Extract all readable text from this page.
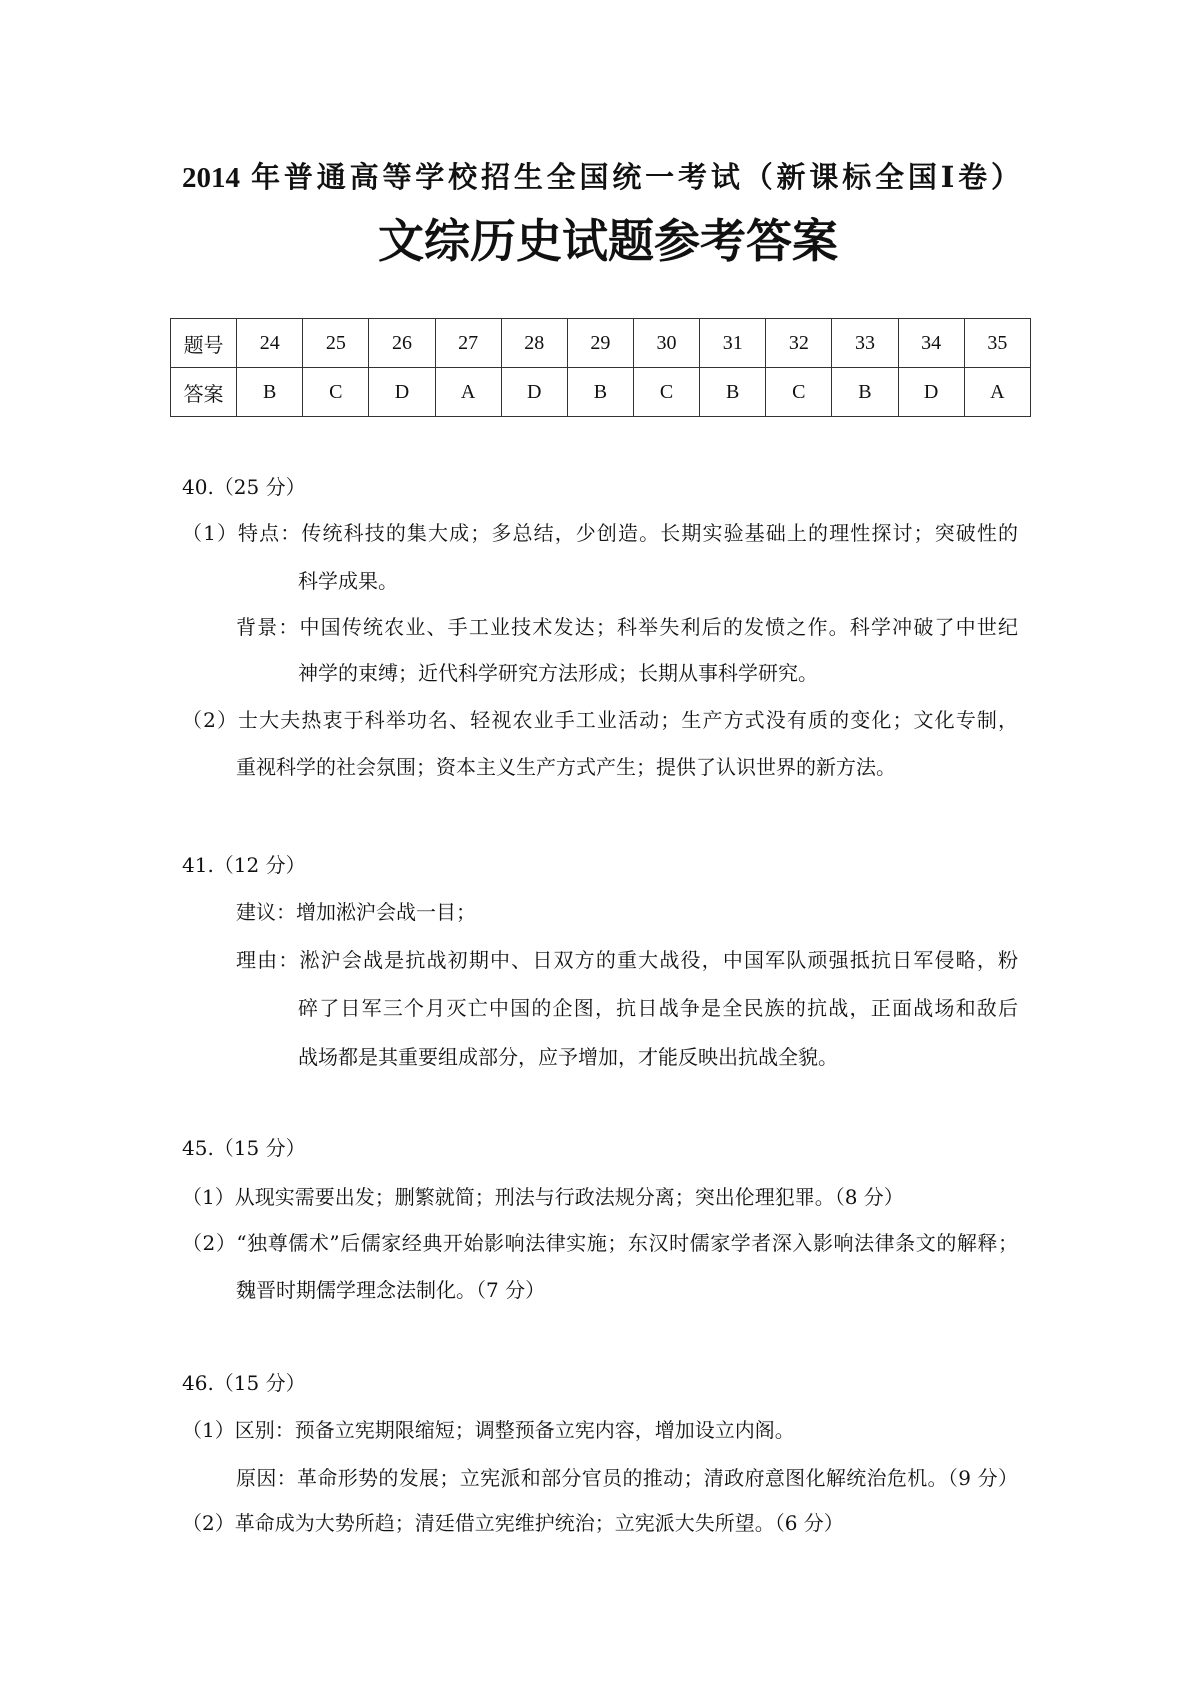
2014 年普通高等学校招生全国统一考试（新课标全国Ⅰ卷）
文综历史试题参考答案
题号	24	25	26	27	28	29	30	31	32	33	34	35
答案	B	C	D	A	D	B	C	B	C	B	D	A
40.（25 分）
（1）特点：传统科技的集大成；多总结，少创造。长期实验基础上的理性探讨；突破性的
科学成果。
背景：中国传统农业、手工业技术发达；科举失利后的发愤之作。科学冲破了中世纪
神学的束缚；近代科学研究方法形成；长期从事科学研究。
（2）士大夫热衷于科举功名、轻视农业手工业活动；生产方式没有质的变化；文化专制，
重视科学的社会氛围；资本主义生产方式产生；提供了认识世界的新方法。
41.（12 分）
建议：增加淞沪会战一目；
理由：淞沪会战是抗战初期中、日双方的重大战役，中国军队顽强抵抗日军侵略，粉
碎了日军三个月灭亡中国的企图，抗日战争是全民族的抗战，正面战场和敌后
战场都是其重要组成部分，应予增加，才能反映出抗战全貌。
45.（15 分）
（1）从现实需要出发；删繁就简；刑法与行政法规分离；突出伦理犯罪。（8 分）
（2）“独尊儒术”后儒家经典开始影响法律实施；东汉时儒家学者深入影响法律条文的解释；
魏晋时期儒学理念法制化。（7 分）
46.（15 分）
（1）区别：预备立宪期限缩短；调整预备立宪内容，增加设立内阁。
原因：革命形势的发展；立宪派和部分官员的推动；清政府意图化解统治危机。（9 分）
（2）革命成为大势所趋；清廷借立宪维护统治；立宪派大失所望。（6 分）
